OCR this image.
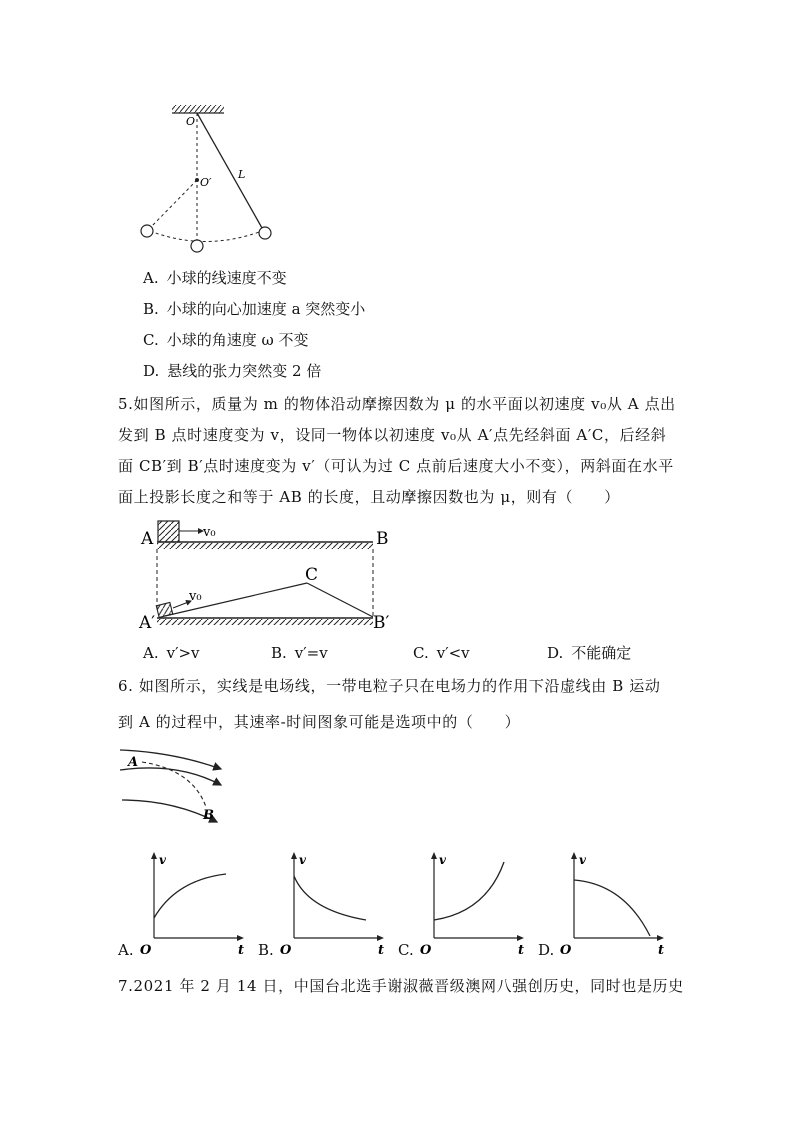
O
O′
L
A. 小球的线速度不变
B. 小球的向心加速度 a 突然变小
C. 小球的角速度 ω 不变
D. 悬线的张力突然变 2 倍
5.如图所示，质量为 m 的物体沿动摩擦因数为 μ 的水平面以初速度 v₀从 A 点出
发到 B 点时速度变为 v，设同一物体以初速度 v₀从 A′点先经斜面 A′C，后经斜
面 CB′到 B′点时速度变为 v′（可认为过 C 点前后速度大小不变），两斜面在水平
面上投影长度之和等于 AB 的长度，且动摩擦因数也为 μ，则有（　　）
A	B
v₀
v₀
A′	B′
C
A. v′>v	B. v′=v	C. v′<v	D. 不能确定
6. 如图所示，实线是电场线，一带电粒子只在电场力的作用下沿虚线由 B 运动
到 A 的过程中，其速率-时间图象可能是选项中的（　　）
A
B
A.
v
t
O	B.
v
t
O	C.
v
t
O	D.
v
t
O
7.2021 年 2 月 14 日，中国台北选手谢淑薇晋级澳网八强创历史，同时也是历史
